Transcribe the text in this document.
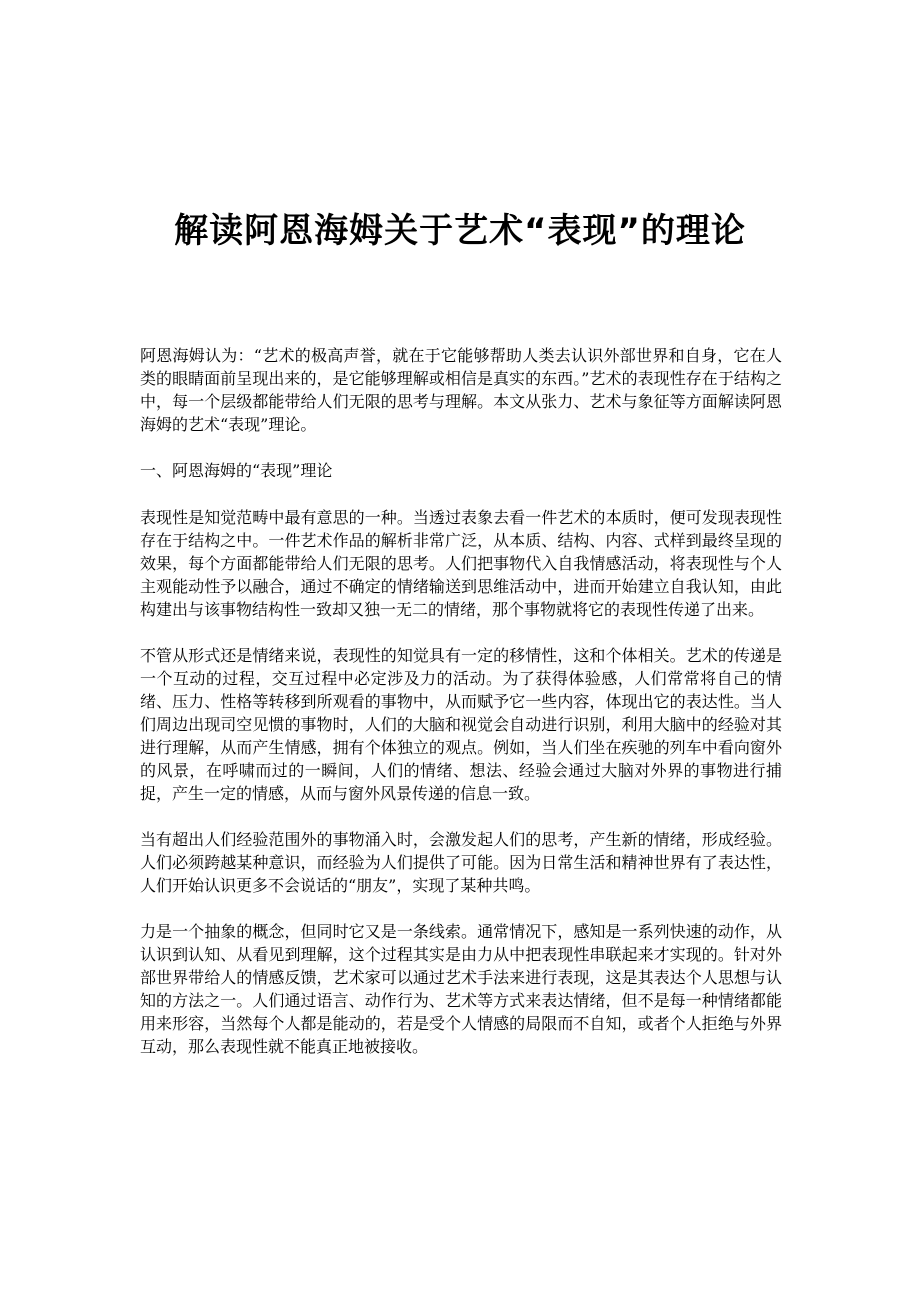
解读阿恩海姆关于艺术“表现”的理论

阿恩海姆认为：“艺术的极高声誉，就在于它能够帮助人类去认识外部世界和自身，它在人类的眼睛面前呈现出来的，是它能够理解或相信是真实的东西。”艺术的表现性存在于结构之中，每一个层级都能带给人们无限的思考与理解。本文从张力、艺术与象征等方面解读阿恩海姆的艺术“表现”理论。

一、阿恩海姆的“表现”理论

表现性是知觉范畴中最有意思的一种。当透过表象去看一件艺术的本质时，便可发现表现性存在于结构之中。一件艺术作品的解析非常广泛，从本质、结构、内容、式样到最终呈现的效果，每个方面都能带给人们无限的思考。人们把事物代入自我情感活动，将表现性与个人主观能动性予以融合，通过不确定的情绪输送到思维活动中，进而开始建立自我认知，由此构建出与该事物结构性一致却又独一无二的情绪，那个事物就将它的表现性传递了出来。

不管从形式还是情绪来说，表现性的知觉具有一定的移情性，这和个体相关。艺术的传递是一个互动的过程，交互过程中必定涉及力的活动。为了获得体验感，人们常常将自己的情绪、压力、性格等转移到所观看的事物中，从而赋予它一些内容，体现出它的表达性。当人们周边出现司空见惯的事物时，人们的大脑和视觉会自动进行识别，利用大脑中的经验对其进行理解，从而产生情感，拥有个体独立的观点。例如，当人们坐在疾驰的列车中看向窗外的风景，在呼啸而过的一瞬间，人们的情绪、想法、经验会通过大脑对外界的事物进行捕捉，产生一定的情感，从而与窗外风景传递的信息一致。

当有超出人们经验范围外的事物涌入时，会激发起人们的思考，产生新的情绪，形成经验。人们必须跨越某种意识，而经验为人们提供了可能。因为日常生活和精神世界有了表达性，人们开始认识更多不会说话的“朋友”，实现了某种共鸣。

力是一个抽象的概念，但同时它又是一条线索。通常情况下，感知是一系列快速的动作，从认识到认知、从看见到理解，这个过程其实是由力从中把表现性串联起来才实现的。针对外部世界带给人的情感反馈，艺术家可以通过艺术手法来进行表现，这是其表达个人思想与认知的方法之一。人们通过语言、动作行为、艺术等方式来表达情绪，但不是每一种情绪都能用来形容，当然每个人都是能动的，若是受个人情感的局限而不自知，或者个人拒绝与外界互动，那么表现性就不能真正地被接收。
